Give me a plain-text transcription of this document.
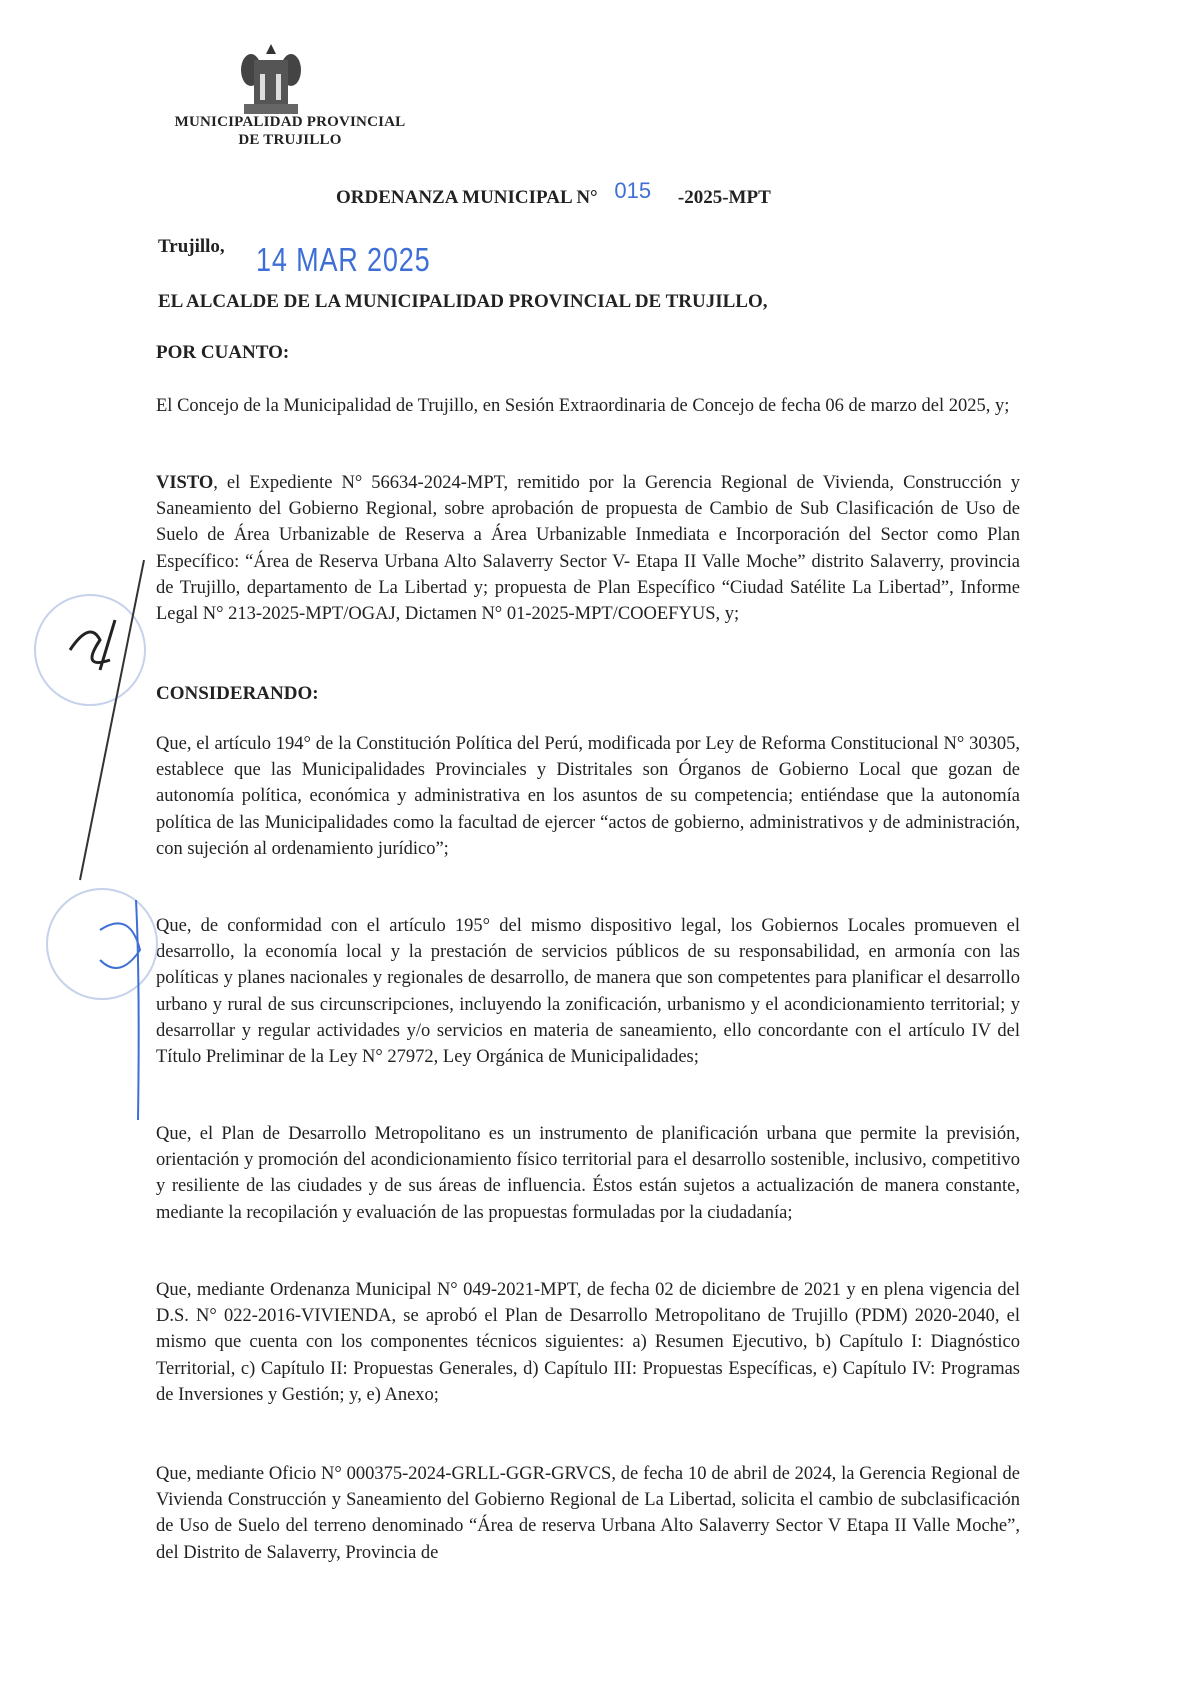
MUNICIPALIDAD PROVINCIAL
DE TRUJILLO
ORDENANZA MUNICIPAL N° 015 -2025-MPT
Trujillo, 14 MAR 2025
EL ALCALDE DE LA MUNICIPALIDAD PROVINCIAL DE TRUJILLO,
POR CUANTO:
El Concejo de la Municipalidad de Trujillo, en Sesión Extraordinaria de Concejo de fecha 06 de marzo del 2025, y;
VISTO, el Expediente N° 56634-2024-MPT, remitido por la Gerencia Regional de Vivienda, Construcción y Saneamiento del Gobierno Regional, sobre aprobación de propuesta de Cambio de Sub Clasificación de Uso de Suelo de Área Urbanizable de Reserva a Área Urbanizable Inmediata e Incorporación del Sector como Plan Específico: “Área de Reserva Urbana Alto Salaverry Sector V- Etapa II Valle Moche” distrito Salaverry, provincia de Trujillo, departamento de La Libertad y; propuesta de Plan Específico “Ciudad Satélite La Libertad”, Informe Legal N° 213-2025-MPT/OGAJ, Dictamen N° 01-2025-MPT/COOEFYUS, y;
CONSIDERANDO:
Que, el artículo 194° de la Constitución Política del Perú, modificada por Ley de Reforma Constitucional N° 30305, establece que las Municipalidades Provinciales y Distritales son Órganos de Gobierno Local que gozan de autonomía política, económica y administrativa en los asuntos de su competencia; entiéndase que la autonomía política de las Municipalidades como la facultad de ejercer “actos de gobierno, administrativos y de administración, con sujeción al ordenamiento jurídico”;
Que, de conformidad con el artículo 195° del mismo dispositivo legal, los Gobiernos Locales promueven el desarrollo, la economía local y la prestación de servicios públicos de su responsabilidad, en armonía con las políticas y planes nacionales y regionales de desarrollo, de manera que son competentes para planificar el desarrollo urbano y rural de sus circunscripciones, incluyendo la zonificación, urbanismo y el acondicionamiento territorial; y desarrollar y regular actividades y/o servicios en materia de saneamiento, ello concordante con el artículo IV del Título Preliminar de la Ley N° 27972, Ley Orgánica de Municipalidades;
Que, el Plan de Desarrollo Metropolitano es un instrumento de planificación urbana que permite la previsión, orientación y promoción del acondicionamiento físico territorial para el desarrollo sostenible, inclusivo, competitivo y resiliente de las ciudades y de sus áreas de influencia. Éstos están sujetos a actualización de manera constante, mediante la recopilación y evaluación de las propuestas formuladas por la ciudadanía;
Que, mediante Ordenanza Municipal N° 049-2021-MPT, de fecha 02 de diciembre de 2021 y en plena vigencia del D.S. N° 022-2016-VIVIENDA, se aprobó el Plan de Desarrollo Metropolitano de Trujillo (PDM) 2020-2040, el mismo que cuenta con los componentes técnicos siguientes: a) Resumen Ejecutivo, b) Capítulo I: Diagnóstico Territorial, c) Capítulo II: Propuestas Generales, d) Capítulo III: Propuestas Específicas, e) Capítulo IV: Programas de Inversiones y Gestión; y, e) Anexo;
Que, mediante Oficio N° 000375-2024-GRLL-GGR-GRVCS, de fecha 10 de abril de 2024, la Gerencia Regional de Vivienda Construcción y Saneamiento del Gobierno Regional de La Libertad, solicita el cambio de subclasificación de Uso de Suelo del terreno denominado “Área de reserva Urbana Alto Salaverry Sector V Etapa II Valle Moche”, del Distrito de Salaverry, Provincia de
